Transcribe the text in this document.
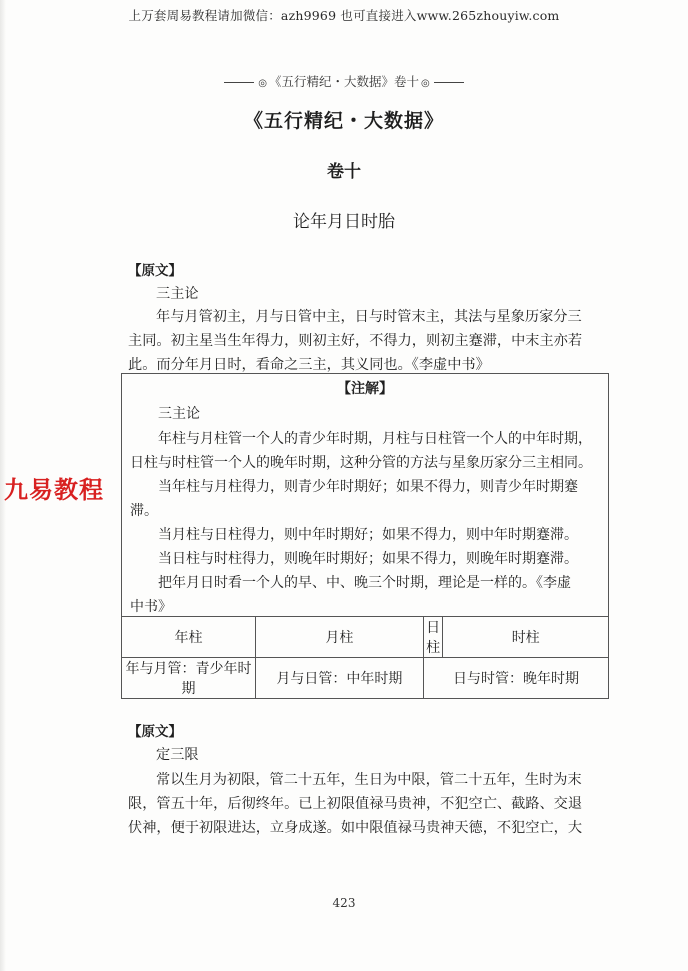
上万套周易教程请加微信：azh9969 也可直接进入www.265zhouyiw.com
◎ 《五行精纪・大数据》卷十 ◎
《五行精纪・大数据》
卷十
论年月日时胎
【原文】
三主论
年与月管初主，月与日管中主，日与时管末主，其法与星象历家分三
主同。初主星当生年得力，则初主好，不得力，则初主蹇滞，中末主亦若
此。而分年月日时，看命之三主，其义同也。《李虚中书》
【注解】
三主论
年柱与月柱管一个人的青少年时期，月柱与日柱管一个人的中年时期，
日柱与时柱管一个人的晚年时期，这种分管的方法与星象历家分三主相同。
当年柱与月柱得力，则青少年时期好；如果不得力，则青少年时期蹇
滞。
当月柱与日柱得力，则中年时期好；如果不得力，则中年时期蹇滞。
当日柱与时柱得力，则晚年时期好；如果不得力，则晚年时期蹇滞。
把年月日时看一个人的早、中、晚三个时期，理论是一样的。《李虚
中书》
年柱	月柱	日柱	时柱
年与月管：青少年时期	月与日管：中年时期	日与时管：晚年时期	
九易教程
【原文】
定三限
常以生月为初限，管二十五年，生日为中限，管二十五年，生时为末
限，管五十年，后彻终年。已上初限值禄马贵神，不犯空亡、截路、交退
伏神，便于初限进达，立身成遂。如中限值禄马贵神天德，不犯空亡，大
423
